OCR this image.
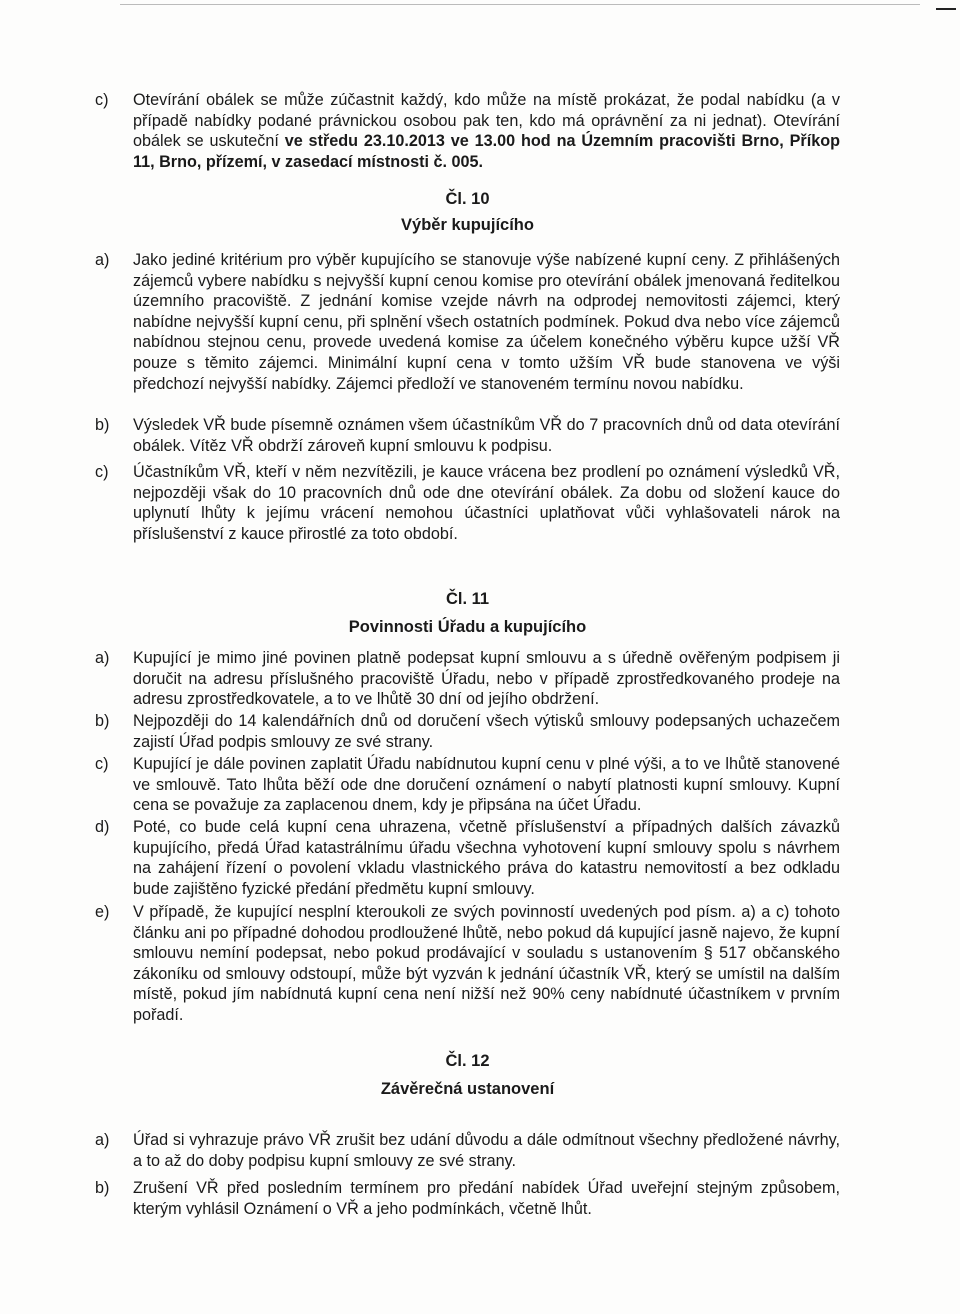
c) Otevírání obálek se může zúčastnit každý, kdo může na místě prokázat, že podal nabídku (a v případě nabídky podané právnickou osobou pak ten, kdo má oprávnění za ni jednat). Otevírání obálek se uskuteční ve středu 23.10.2013 ve 13.00 hod na Územním pracovišti Brno, Příkop 11, Brno, přízemí, v zasedací místnosti č. 005.
Čl. 10
Výběr kupujícího
a) Jako jediné kritérium pro výběr kupujícího se stanovuje výše nabízené kupní ceny. Z přihlášených zájemců vybere nabídku s nejvyšší kupní cenou komise pro otevírání obálek jmenovaná ředitelkou územního pracoviště. Z jednání komise vzejde návrh na odprodej nemovitosti zájemci, který nabídne nejvyšší kupní cenu, při splnění všech ostatních podmínek. Pokud dva nebo více zájemců nabídnou stejnou cenu, provede uvedená komise za účelem konečného výběru kupce užší VŘ pouze s těmito zájemci. Minimální kupní cena v tomto užším VŘ bude stanovena ve výši předchozí nejvyšší nabídky. Zájemci předloží ve stanoveném termínu novou nabídku.
b) Výsledek VŘ bude písemně oznámen všem účastníkům VŘ do 7 pracovních dnů od data otevírání obálek. Vítěz VŘ obdrží zároveň kupní smlouvu k podpisu.
c) Účastníkům VŘ, kteří v něm nezvítězili, je kauce vrácena bez prodlení po oznámení výsledků VŘ, nejpozději však do 10 pracovních dnů ode dne otevírání obálek. Za dobu od složení kauce do uplynutí lhůty k jejímu vrácení nemohou účastníci uplatňovat vůči vyhlašovateli nárok na příslušenství z kauce přirostlé za toto období.
Čl. 11
Povinnosti Úřadu a kupujícího
a) Kupující je mimo jiné povinen platně podepsat kupní smlouvu a s úředně ověřeným podpisem ji doručit na adresu příslušného pracoviště Úřadu, nebo v případě zprostředkovaného prodeje na adresu zprostředkovatele, a to ve lhůtě 30 dní od jejího obdržení.
b) Nejpozději do 14 kalendářních dnů od doručení všech výtisků smlouvy podepsaných uchazečem zajistí Úřad podpis smlouvy ze své strany.
c) Kupující je dále povinen zaplatit Úřadu nabídnutou kupní cenu v plné výši, a to ve lhůtě stanovené ve smlouvě. Tato lhůta běží ode dne doručení oznámení o nabytí platnosti kupní smlouvy. Kupní cena se považuje za zaplacenou dnem, kdy je připsána na účet Úřadu.
d) Poté, co bude celá kupní cena uhrazena, včetně příslušenství a případných dalších závazků kupujícího, předá Úřad katastrálnímu úřadu všechna vyhotovení kupní smlouvy spolu s návrhem na zahájení řízení o povolení vkladu vlastnického práva do katastru nemovitostí a bez odkladu bude zajištěno fyzické předání předmětu kupní smlouvy.
e) V případě, že kupující nesplní kteroukoli ze svých povinností uvedených pod písm. a) a c) tohoto článku ani po případné dohodou prodloužené lhůtě, nebo pokud dá kupující jasně najevo, že kupní smlouvu nemíní podepsat, nebo pokud prodávající v souladu s ustanovením § 517 občanského zákoníku od smlouvy odstoupí, může být vyzván k jednání účastník VŘ, který se umístil na dalším místě, pokud jím nabídnutá kupní cena není nižší než 90% ceny nabídnuté účastníkem v prvním pořadí.
Čl. 12
Závěrečná ustanovení
a) Úřad si vyhrazuje právo VŘ zrušit bez udání důvodu a dále odmítnout všechny předložené návrhy, a to až do doby podpisu kupní smlouvy ze své strany.
b) Zrušení VŘ před posledním termínem pro předání nabídek Úřad uveřejní stejným způsobem, kterým vyhlásil Oznámení o VŘ a jeho podmínkách, včetně lhůt.
